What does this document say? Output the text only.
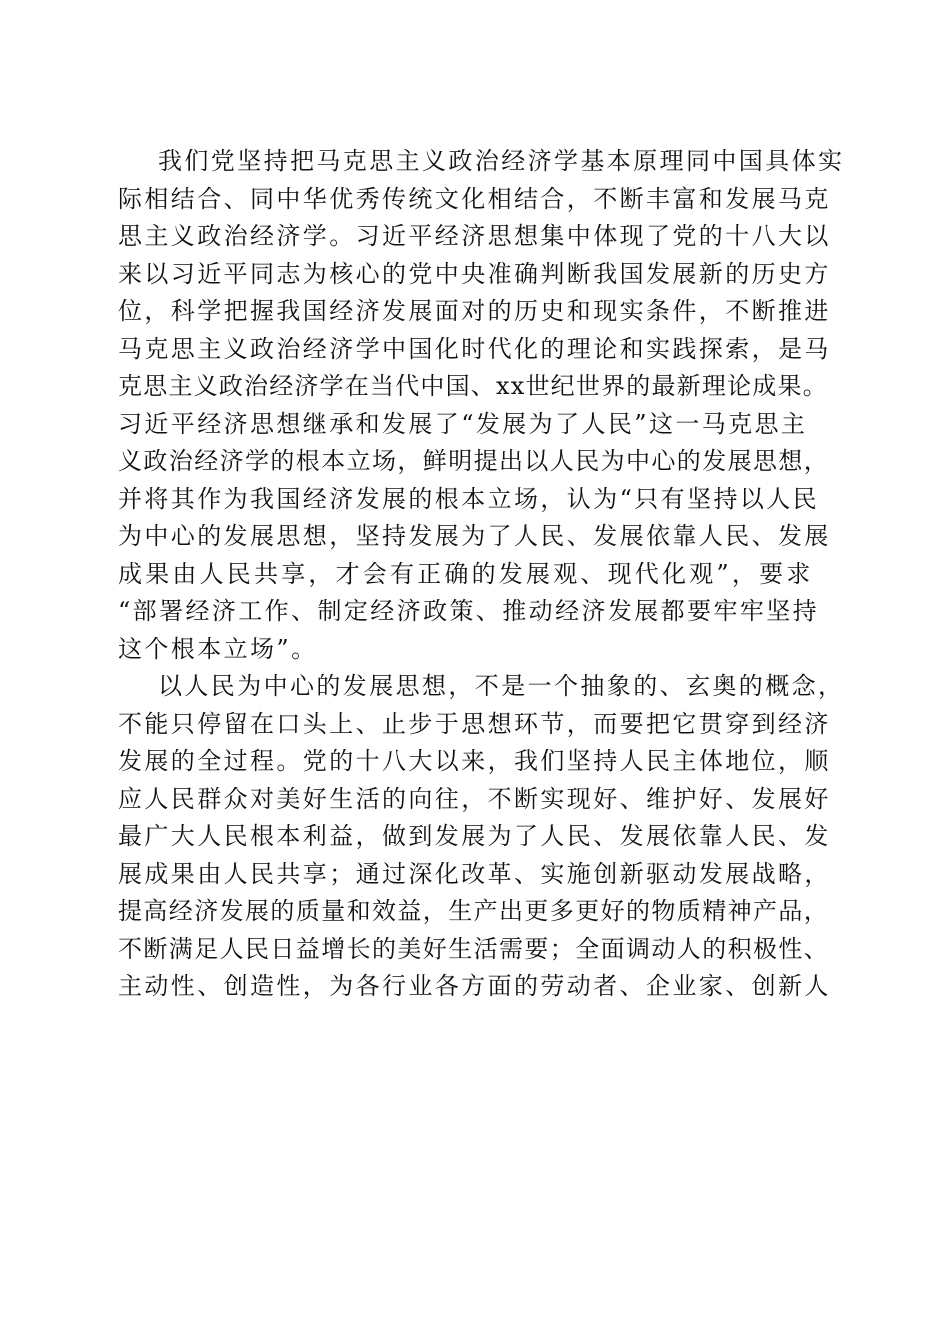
我们党坚持把马克思主义政治经济学基本原理同中国具体实
际相结合、同中华优秀传统文化相结合，不断丰富和发展马克
思主义政治经济学。习近平经济思想集中体现了党的十八大以
来以习近平同志为核心的党中央准确判断我国发展新的历史方
位，科学把握我国经济发展面对的历史和现实条件，不断推进
马克思主义政治经济学中国化时代化的理论和实践探索，是马
克思主义政治经济学在当代中国、xx世纪世界的最新理论成果。
习近平经济思想继承和发展了“发展为了人民”这一马克思主
义政治经济学的根本立场，鲜明提出以人民为中心的发展思想，
并将其作为我国经济发展的根本立场，认为“只有坚持以人民
为中心的发展思想，坚持发展为了人民、发展依靠人民、发展
成果由人民共享，才会有正确的发展观、现代化观”，要求
“部署经济工作、制定经济政策、推动经济发展都要牢牢坚持
这个根本立场”。
以人民为中心的发展思想，不是一个抽象的、玄奥的概念，
不能只停留在口头上、止步于思想环节，而要把它贯穿到经济
发展的全过程。党的十八大以来，我们坚持人民主体地位，顺
应人民群众对美好生活的向往，不断实现好、维护好、发展好
最广大人民根本利益，做到发展为了人民、发展依靠人民、发
展成果由人民共享；通过深化改革、实施创新驱动发展战略，
提高经济发展的质量和效益，生产出更多更好的物质精神产品，
不断满足人民日益增长的美好生活需要；全面调动人的积极性、
主动性、创造性，为各行业各方面的劳动者、企业家、创新人
